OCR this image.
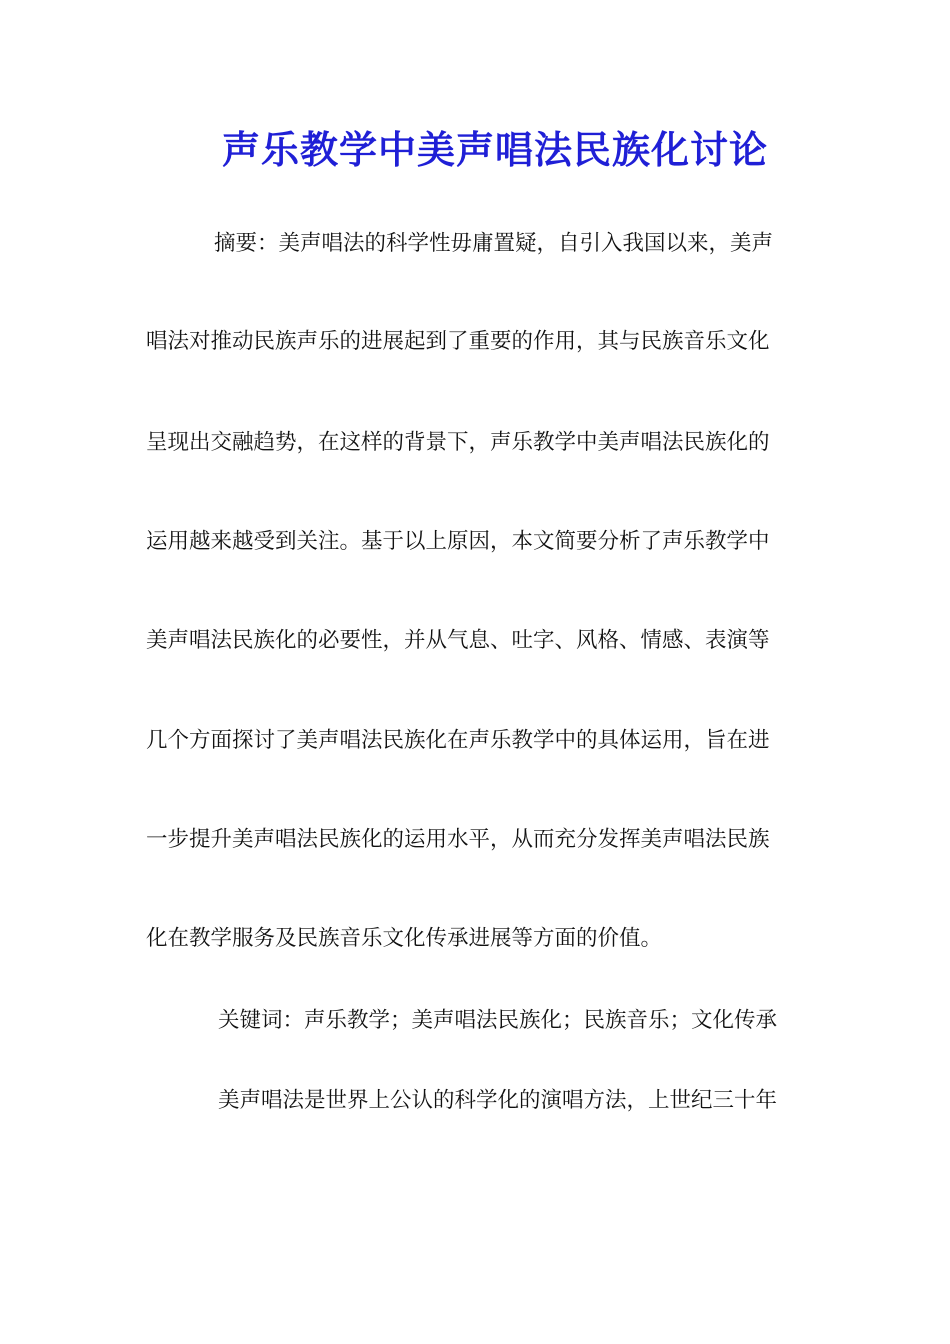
声乐教学中美声唱法民族化讨论
摘要：美声唱法的科学性毋庸置疑，自引入我国以来，美声
唱法对推动民族声乐的进展起到了重要的作用，其与民族音乐文化
呈现出交融趋势，在这样的背景下，声乐教学中美声唱法民族化的
运用越来越受到关注。基于以上原因，本文简要分析了声乐教学中
美声唱法民族化的必要性，并从气息、吐字、风格、情感、表演等
几个方面探讨了美声唱法民族化在声乐教学中的具体运用，旨在进
一步提升美声唱法民族化的运用水平，从而充分发挥美声唱法民族
化在教学服务及民族音乐文化传承进展等方面的价值。
关键词：声乐教学；美声唱法民族化；民族音乐；文化传承
美声唱法是世界上公认的科学化的演唱方法，上世纪三十年
